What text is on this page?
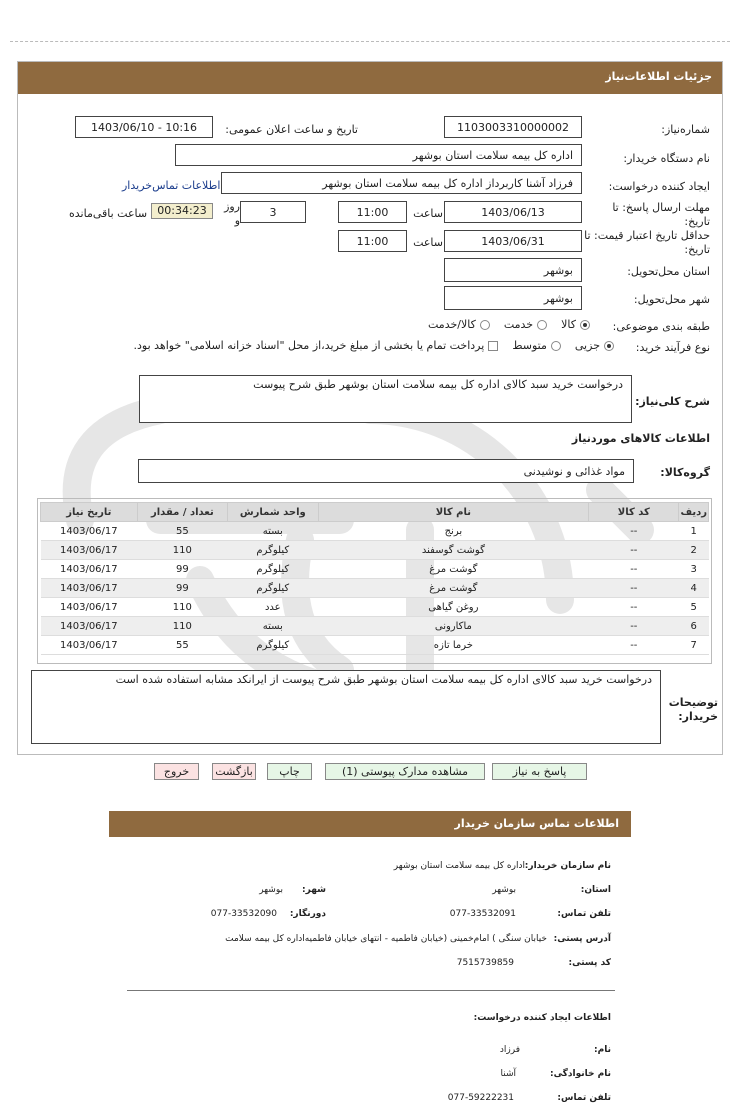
جزئیات اطلاعات‌نیاز
شماره‌نیاز:
1103003310000002
تاریخ و ساعت اعلان عمومی:
1403/06/10 - 10:16
نام دستگاه خریدار:
اداره کل بیمه سلامت استان بوشهر
ایجاد کننده درخواست:
فرزاد آشنا کاربرداز اداره کل بیمه سلامت استان بوشهر
اطلاعات تماس‌خریدار
مهلت ارسال پاسخ: تا تاریخ:
1403/06/13
ساعت
11:00
3
روز و
00:34:23
ساعت باقی‌مانده
حداقل تاریخ اعتبار قیمت: تا تاریخ:
1403/06/31
ساعت
11:00
استان محل‌تحویل:
بوشهر
شهر محل‌تحویل:
بوشهر
طبقه بندی موضوعی:
کالا
خدمت
کالا/خدمت
نوع فرآیند خرید:
جزیی
متوسط
پرداخت تمام یا بخشی از مبلغ خرید،از محل "اسناد خزانه اسلامی" خواهد بود.
شرح کلی‌نیاز:
درخواست خرید سبد کالای اداره کل بیمه سلامت استان بوشهر طبق شرح پیوست
اطلاعات کالاهای موردنیاز
گروه‌کالا:
مواد غذائی و نوشیدنی
ردیف	کد کالا	نام کالا	واحد شمارش	تعداد / مقدار	تاریخ نیاز
1	--	برنج	بسته	55	1403/06/17
2	--	گوشت گوسفند	کیلوگرم	110	1403/06/17
3	--	گوشت مرغ	کیلوگرم	99	1403/06/17
4	--	گوشت مرغ	کیلوگرم	99	1403/06/17
5	--	روغن گیاهی	عدد	110	1403/06/17
6	--	ماکارونی	بسته	110	1403/06/17
7	--	خرما تازه	کیلوگرم	55	1403/06/17
توضیحات خریدار:
درخواست خرید سبد کالای اداره کل بیمه سلامت استان بوشهر طبق شرح پیوست از ایرانکد مشابه استفاده شده است
پاسخ به نیاز
مشاهده مدارک پیوستی (1)
چاپ
بازگشت
خروج
اطلاعات تماس سازمان خریدار
نام سازمان خریدار:
اداره کل بیمه سلامت استان بوشهر
استان:
بوشهر
شهر:
بوشهر
تلفن تماس:
077-33532091
دورنگار:
077-33532090
آدرس پستی:
خیابان سنگی ) امام‌خمینی (خیابان فاطمیه - انتهای خیابان فاطمیه‌اداره کل بیمه سلامت
کد پستی:
7515739859
اطلاعات ایجاد کننده درخواست:
نام:
فرزاد
نام خانوادگی:
آشنا
تلفن تماس:
077-59222231
